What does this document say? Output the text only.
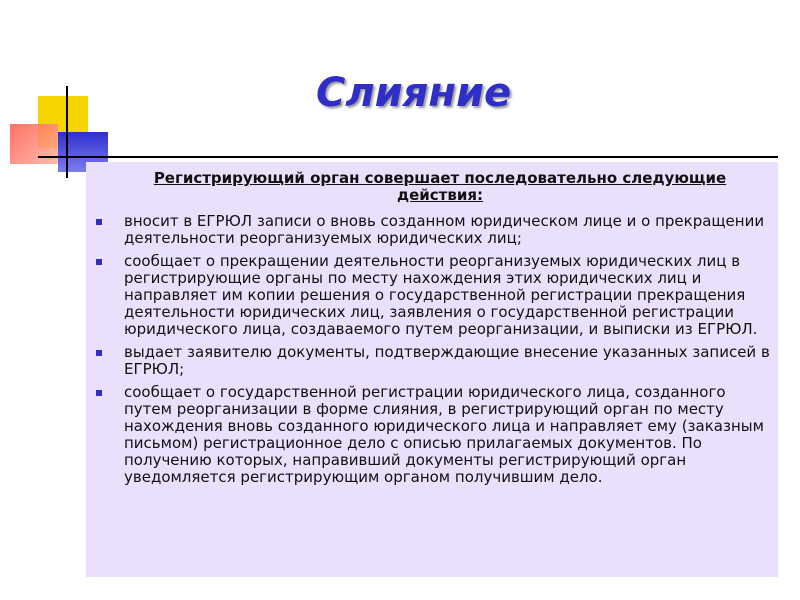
Слияние
Регистрирующий орган совершает последовательно следующие действия:
вносит в ЕГРЮЛ записи о вновь созданном юридическом лице и о прекращении деятельности реорганизуемых юридических лиц;
сообщает о прекращении деятельности реорганизуемых юридических лиц в регистрирующие органы по месту нахождения этих юридических лиц и направляет им копии решения о государственной регистрации прекращения деятельности юридических лиц, заявления о государственной регистрации юридического лица, создаваемого путем реорганизации, и выписки из ЕГРЮЛ.
выдает заявителю документы, подтверждающие внесение указанных записей в ЕГРЮЛ;
сообщает о государственной регистрации юридического лица, созданного путем реорганизации в форме слияния, в регистрирующий орган по месту нахождения вновь созданного юридического лица и направляет ему (заказным письмом) регистрационное дело с описью прилагаемых документов. По получению которых, направивший документы регистрирующий орган уведомляется регистрирующим органом получившим дело.
